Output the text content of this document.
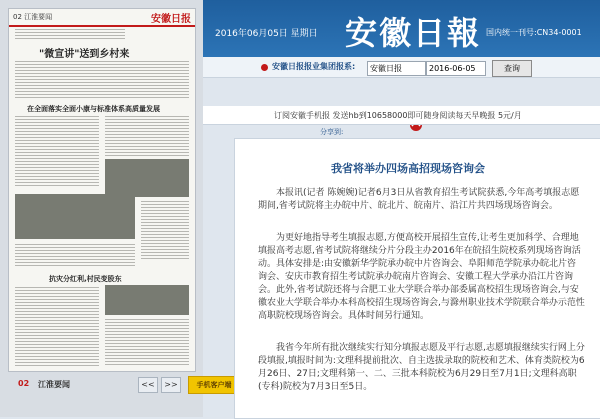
2016年06月05日 星期日 安徽日報 国内统一刊号:CN34-0001
02 江淮要闻	安徽日报
"微宣讲"送到乡村来
在全面落实全面小康与标准体系高质量发展
抗灾分红利,村民变股东
02 江淮要闻	<<	>>	手机客户端
安徽日报报业集团报系:	安徽日报	2016-06-05	查询
订阅安徽手机报 发送hb到10658000即可随身阅读每天早晚报 5元/月
分享到:
我省将举办四场高招现场咨询会
本报讯(记者 陈婉婉)记者6月3日从省教育招生考试院获悉,今年高考填报志愿期间,省考试院将主办皖中片、皖北片、皖南片、沿江片共四场现场咨询会。
为更好地指导考生填报志愿,方便高校开展招生宣传,让考生更加科学、合理地填报高考志愿,省考试院将继续分片分段主办2016年在皖招生院校系列现场咨询活动。具体安排是:由安徽新华学院承办皖中片咨询会、阜阳师范学院承办皖北片咨询会、安庆市教育招生考试院承办皖南片咨询会、安徽工程大学承办沿江片咨询会。此外,省考试院还将与合肥工业大学联合举办部委属高校招生现场咨询会,与安徽农业大学联合举办本科高校招生现场咨询会,与滁州职业技术学院联合举办示范性高职院校现场咨询会。具体时间另行通知。
我省今年所有批次继续实行知分填报志愿及平行志愿,志愿填报继续实行网上分段填报,填报时间为:文理科提前批次、自主选拔录取的院校和艺术、体育类院校为6月26日、27日;文理科第一、二、三批本科院校为6月29日至7月1日;文理科高职(专科)院校为7月3日至5日。
